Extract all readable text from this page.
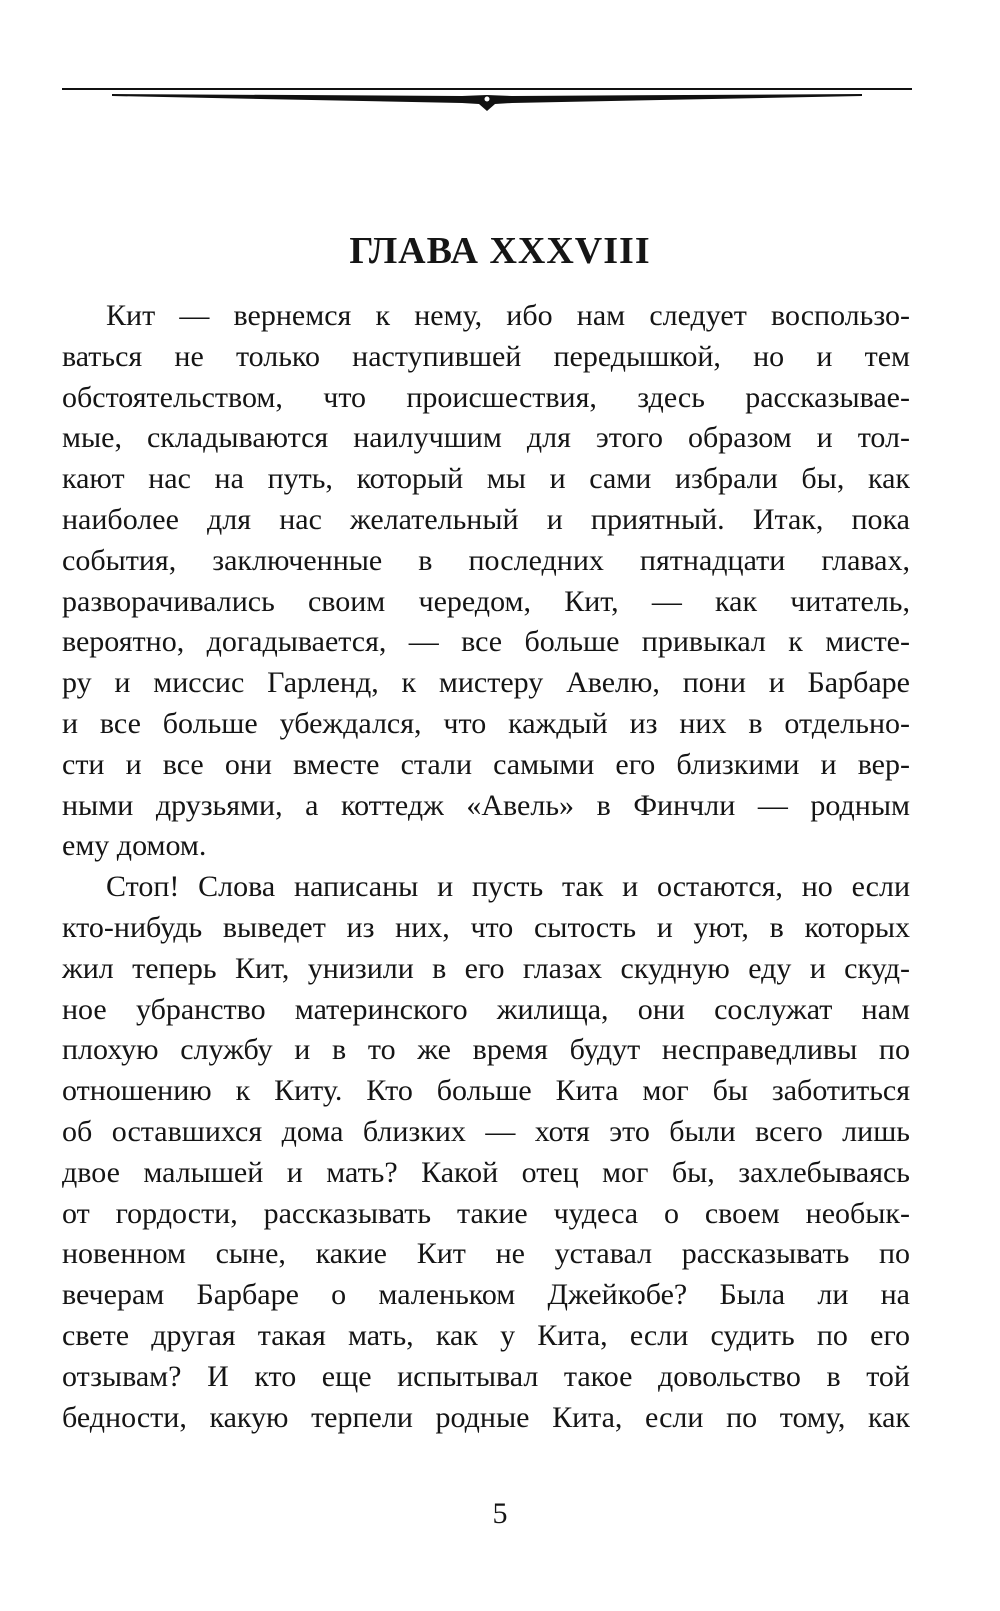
ГЛАВА XXXVIII
Кит — вернемся к нему, ибо нам следует воспользо-
ваться не только наступившей передышкой, но и тем
обстоятельством, что происшествия, здесь рассказывае-
мые, складываются наилучшим для этого образом и тол-
кают нас на путь, который мы и сами избрали бы, как
наиболее для нас желательный и приятный. Итак, пока
события, заключенные в последних пятнадцати главах,
разворачивались своим чередом, Кит, — как читатель,
вероятно, догадывается, — все больше привыкал к мисте-
ру и миссис Гарленд, к мистеру Авелю, пони и Барбаре
и все больше убеждался, что каждый из них в отдельно-
сти и все они вместе стали самыми его близкими и вер-
ными друзьями, а коттедж «Авель» в Финчли — родным
ему домом.
Стоп! Слова написаны и пусть так и остаются, но если
кто-нибудь выведет из них, что сытость и уют, в которых
жил теперь Кит, унизили в его глазах скудную еду и скуд-
ное убранство материнского жилища, они сослужат нам
плохую службу и в то же время будут несправедливы по
отношению к Киту. Кто больше Кита мог бы заботиться
об оставшихся дома близких — хотя это были всего лишь
двое малышей и мать? Какой отец мог бы, захлебываясь
от гордости, рассказывать такие чудеса о своем необык-
новенном сыне, какие Кит не уставал рассказывать по
вечерам Барбаре о маленьком Джейкобе? Была ли на
свете другая такая мать, как у Кита, если судить по его
отзывам? И кто еще испытывал такое довольство в той
бедности, какую терпели родные Кита, если по тому, как
5
